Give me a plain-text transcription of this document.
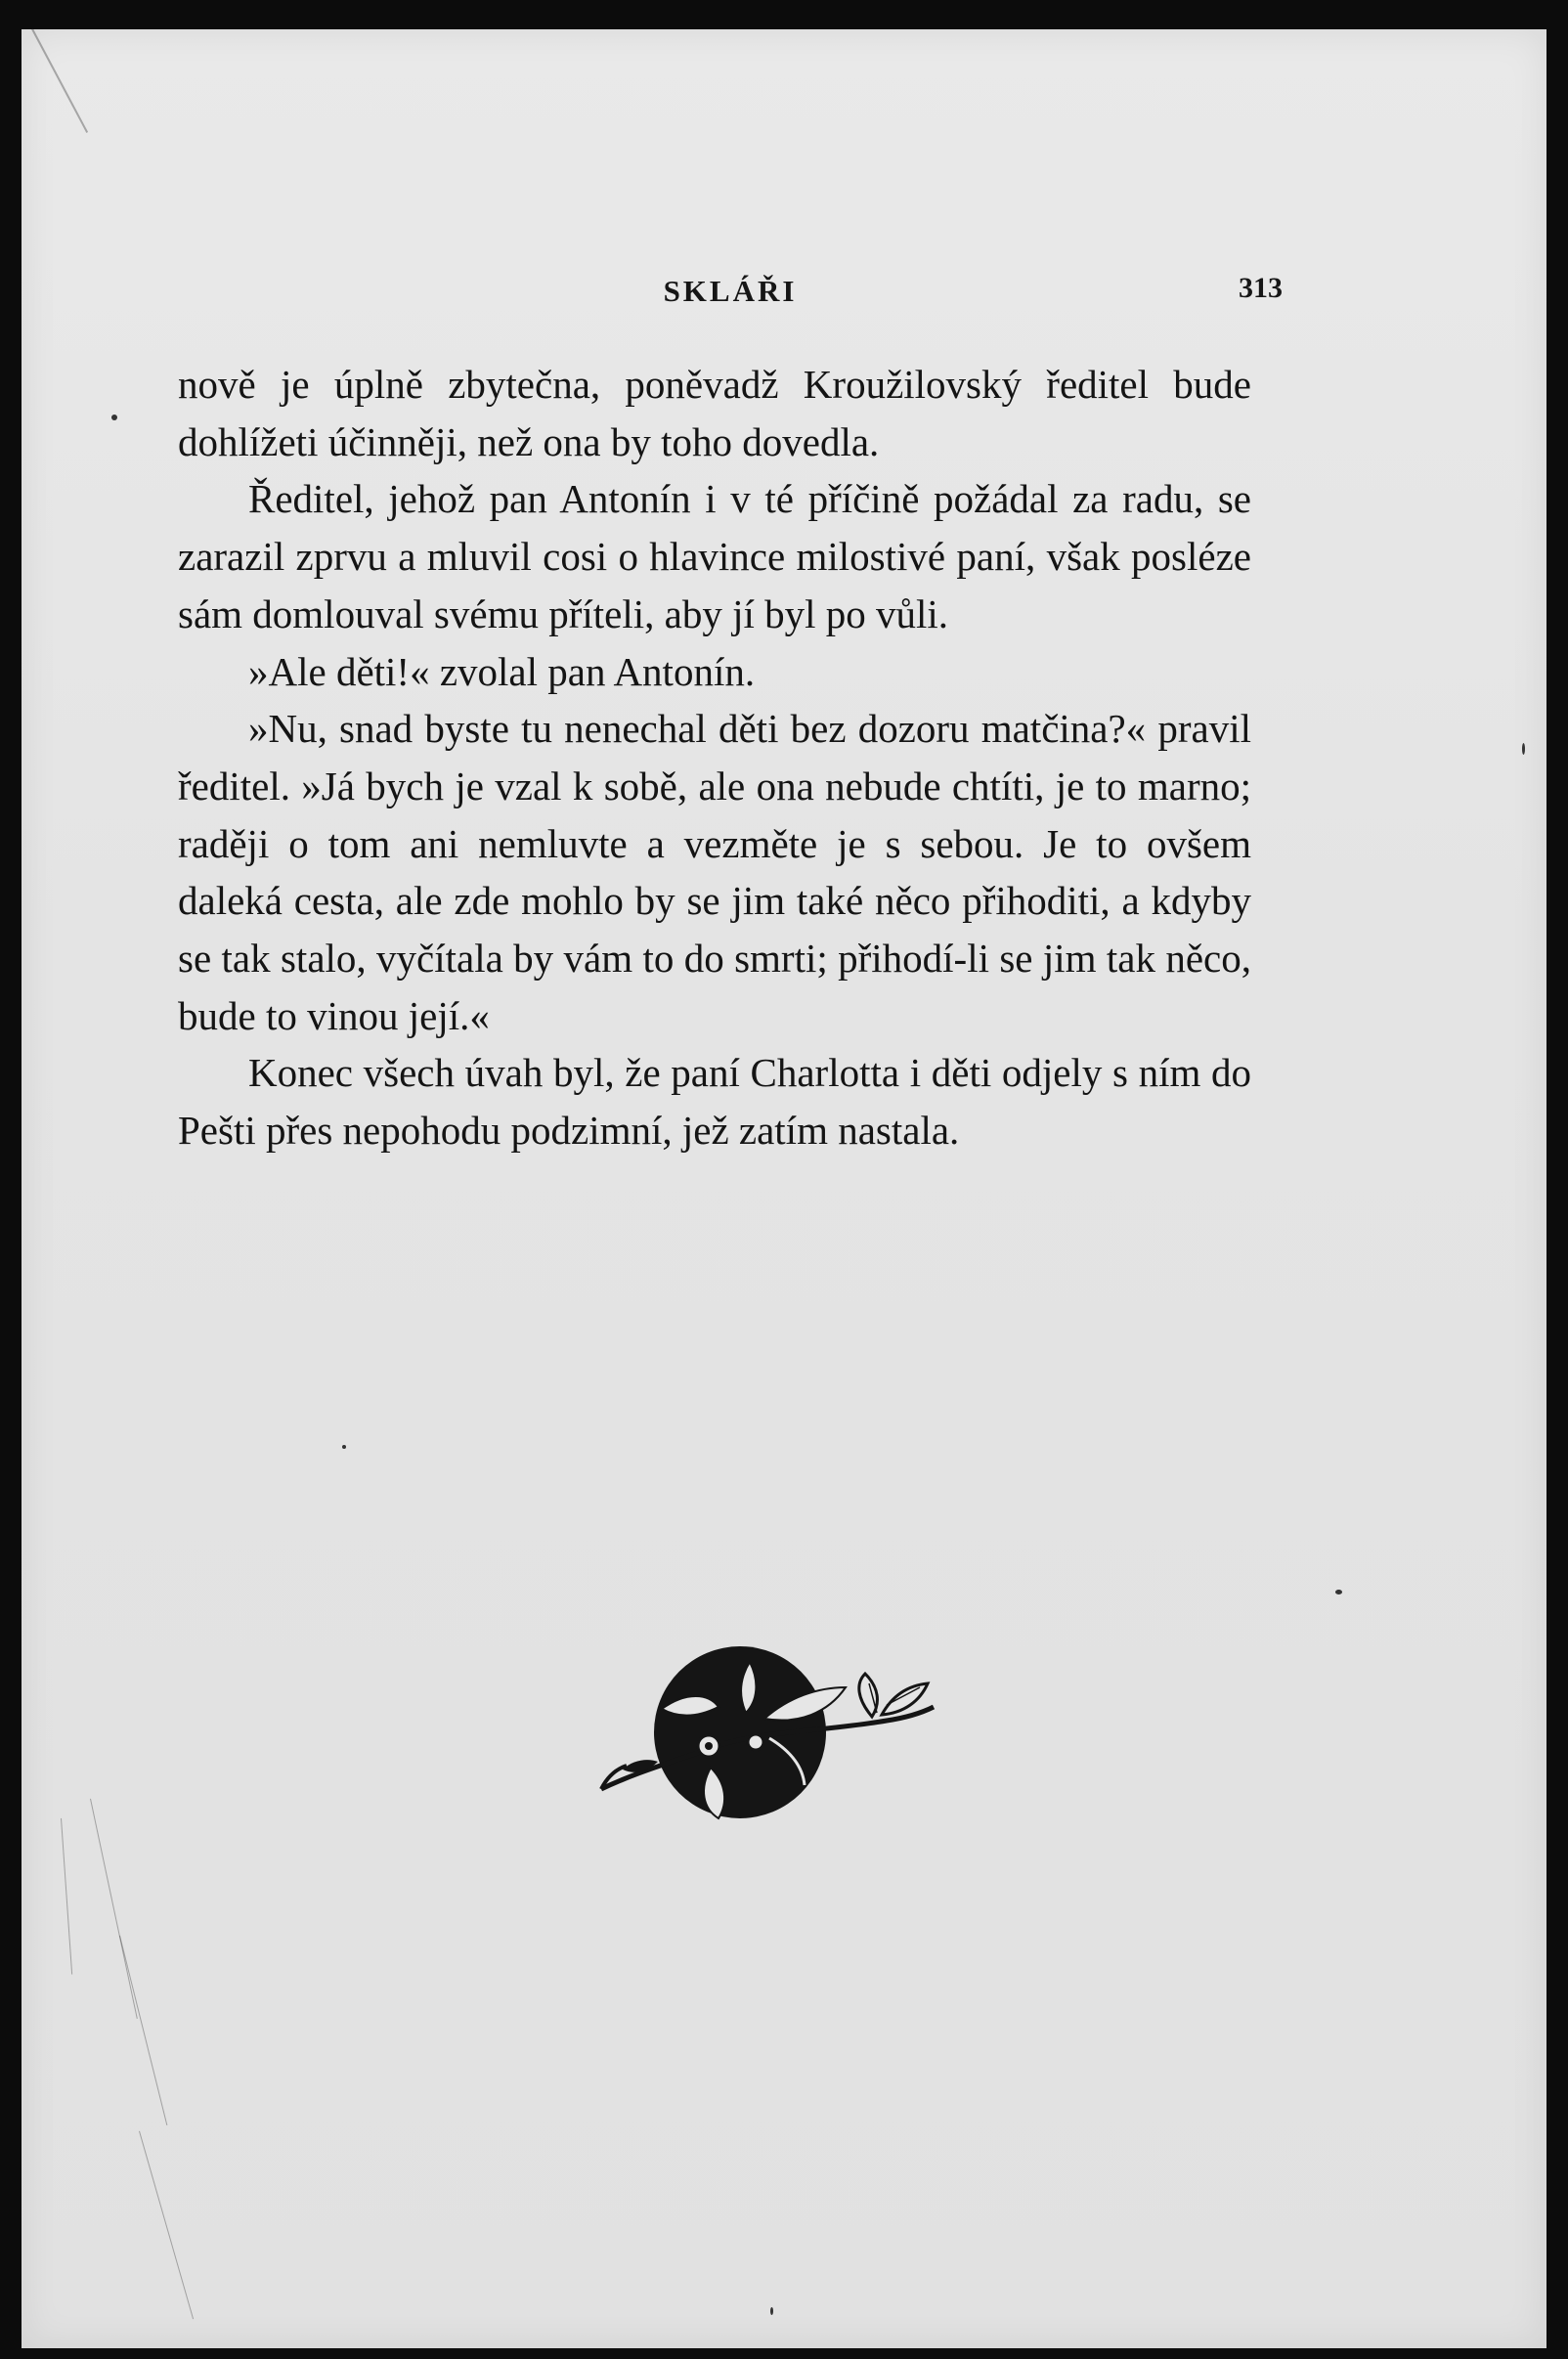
SKLÁŘI	313

nově je úplně zbytečna, poněvadž Kroužilovský ředitel bude dohlížeti účinněji, než ona by toho dovedla.

Ředitel, jehož pan Antonín i v té příčině požádal za radu, se zarazil zprvu a mluvil cosi o hlavince milostivé paní, však posléze sám domlouval svému příteli, aby jí byl po vůli.

»Ale děti!« zvolal pan Antonín.

»Nu, snad byste tu nenechal děti bez dozoru matčina?« pravil ředitel. »Já bych je vzal k sobě, ale ona nebude chtíti, je to marno; raději o tom ani nemluvte a vezměte je s sebou. Je to ovšem daleká cesta, ale zde mohlo by se jim také něco přihoditi, a kdyby se tak stalo, vyčítala by vám to do smrti; přihodí-li se jim tak něco, bude to vinou její.«

Konec všech úvah byl, že paní Charlotta i děti odjely s ním do Pešti přes nepohodu podzimní, jež zatím nastala.
